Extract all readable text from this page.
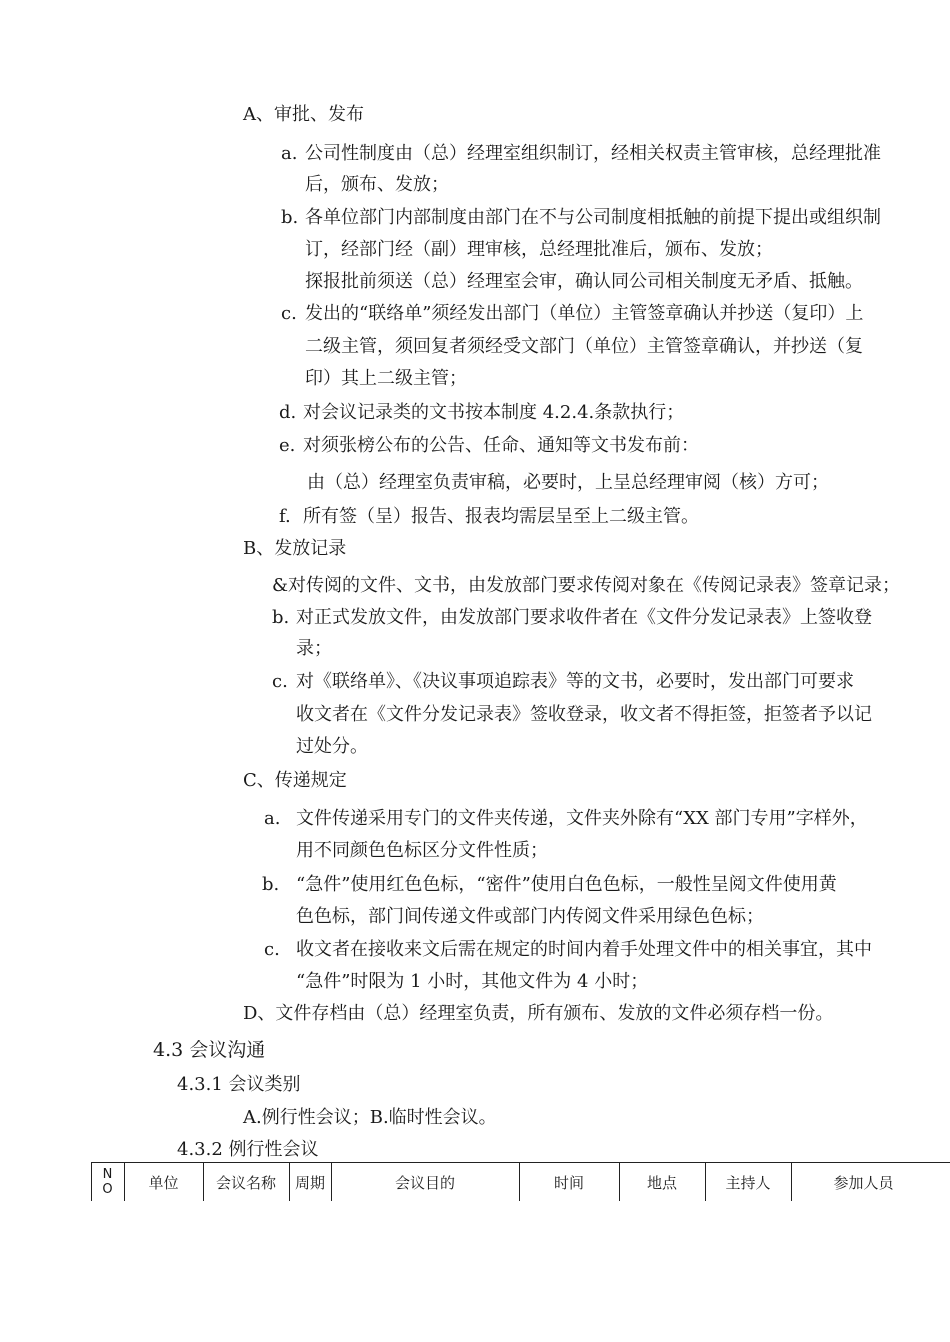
A、审批、发布
a. 公司性制度由（总）经理室组织制订，经相关权责主管审核，总经理批准
后，颁布、发放；
b. 各单位部门内部制度由部门在不与公司制度相抵触的前提下提出或组织制
订，经部门经（副）理审核，总经理批准后，颁布、发放；
探报批前须送（总）经理室会审，确认同公司相关制度无矛盾、抵触。
c. 发出的“联络单”须经发出部门（单位）主管签章确认并抄送（复印）上
二级主管，须回复者须经受文部门（单位）主管签章确认，并抄送（复
印）其上二级主管；
d. 对会议记录类的文书按本制度 4.2.4.条款执行；
e. 对须张榜公布的公告、任命、通知等文书发布前：
由（总）经理室负责审稿，必要时，上呈总经理审阅（核）方可；
f. 所有签（呈）报告、报表均需层呈至上二级主管。
B、发放记录
&对传阅的文件、文书，由发放部门要求传阅对象在《传阅记录表》签章记录；
b. 对正式发放文件，由发放部门要求收件者在《文件分发记录表》上签收登
录；
c. 对《联络单》、《决议事项追踪表》等的文书，必要时，发出部门可要求
收文者在《文件分发记录表》签收登录，收文者不得拒签，拒签者予以记
过处分。
C、传递规定
a. 文件传递采用专门的文件夹传递，文件夹外除有“XX 部门专用”字样外，
用不同颜色色标区分文件性质；
b. “急件”使用红色色标，“密件”使用白色色标，一般性呈阅文件使用黄
色色标，部门间传递文件或部门内传阅文件采用绿色色标；
c. 收文者在接收来文后需在规定的时间内着手处理文件中的相关事宜，其中
“急件”时限为 1 小时，其他文件为 4 小时；
D、文件存档由（总）经理室负责，所有颁布、发放的文件必须存档一份。
4.3 会议沟通
4.3.1 会议类别
A.例行性会议；B.临时性会议。
4.3.2 例行性会议
N
O	单位	会议名称	周期	会议目的	时间	地点	主持人	参加人员
